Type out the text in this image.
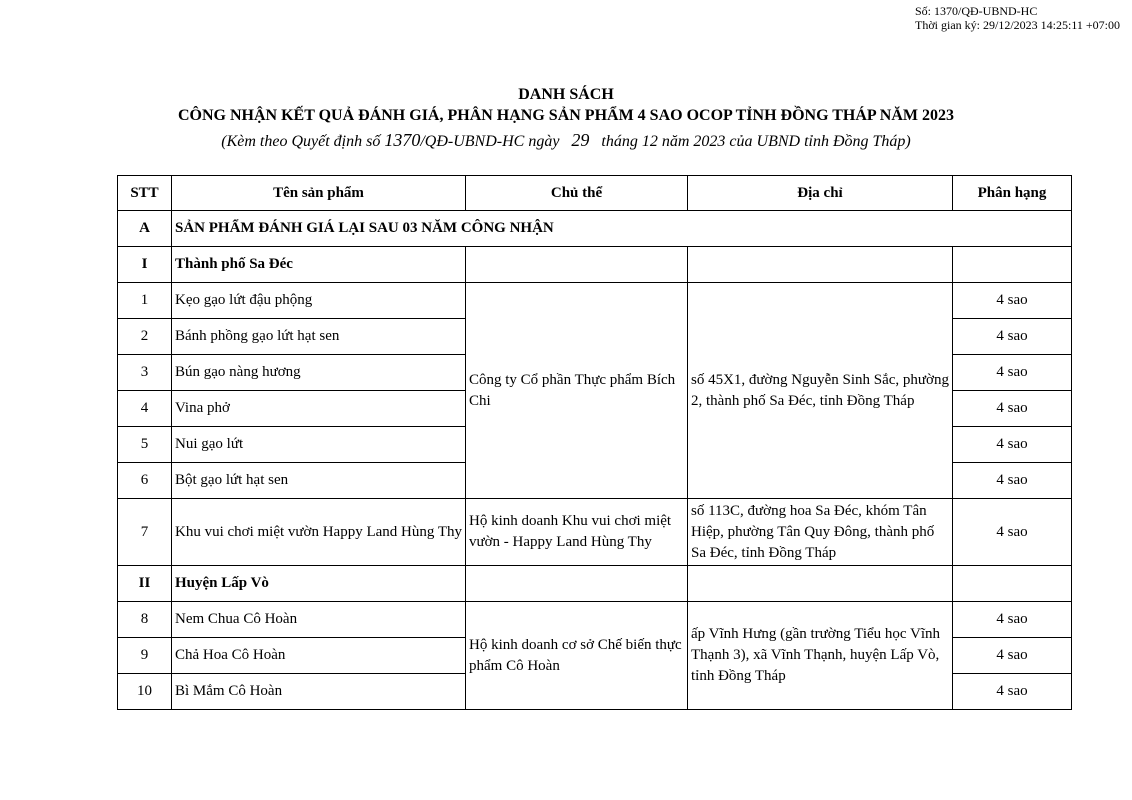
Số: 1370/QĐ-UBND-HC
Thời gian ký: 29/12/2023 14:25:11 +07:00
DANH SÁCH
CÔNG NHẬN KẾT QUẢ ĐÁNH GIÁ, PHÂN HẠNG SẢN PHẨM 4 SAO OCOP TỈNH ĐỒNG THÁP NĂM 2023
(Kèm theo Quyết định số 1370/QĐ-UBND-HC ngày 29 tháng 12 năm 2023 của UBND tỉnh Đồng Tháp)
STT	Tên sản phẩm	Chủ thể	Địa chỉ	Phân hạng
A	SẢN PHẨM ĐÁNH GIÁ LẠI SAU 03 NĂM CÔNG NHẬN			
I	Thành phố Sa Đéc			
1	Kẹo gạo lứt đậu phộng	Công ty Cổ phần Thực phẩm Bích Chi	số 45X1, đường Nguyễn Sinh Sắc, phường 2, thành phố Sa Đéc, tỉnh Đồng Tháp	4 sao
2	Bánh phồng gạo lứt hạt sen			4 sao
3	Bún gạo nàng hương			4 sao
4	Vina phở			4 sao
5	Nui gạo lứt			4 sao
6	Bột gạo lứt hạt sen			4 sao
7	Khu vui chơi miệt vườn Happy Land Hùng Thy	Hộ kinh doanh Khu vui chơi miệt vườn - Happy Land Hùng Thy	số 113C, đường hoa Sa Đéc, khóm Tân Hiệp, phường Tân Quy Đông, thành phố Sa Đéc, tỉnh Đồng Tháp	4 sao
II	Huyện Lấp Vò			
8	Nem Chua Cô Hoàn	Hộ kinh doanh cơ sở Chế biến thực phẩm Cô Hoàn	ấp Vĩnh Hưng (gần trường Tiểu học Vĩnh Thạnh 3), xã Vĩnh Thạnh, huyện Lấp Vò, tỉnh Đồng Tháp	4 sao
9	Chả Hoa Cô Hoàn			4 sao
10	Bì Mắm Cô Hoàn			4 sao
